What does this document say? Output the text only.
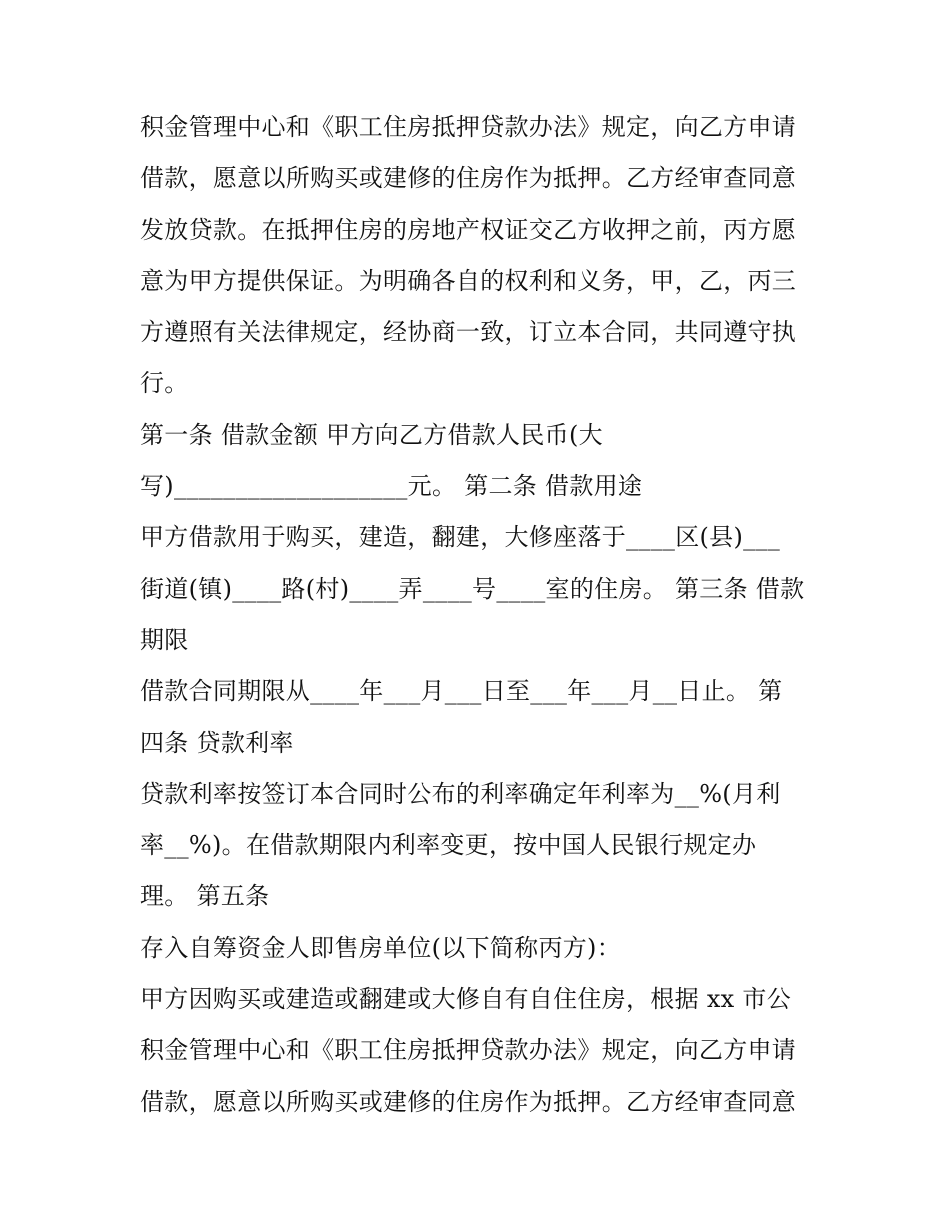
积金管理中心和《职工住房抵押贷款办法》规定，向乙方申请
借款，愿意以所购买或建修的住房作为抵押。乙方经审查同意
发放贷款。在抵押住房的房地产权证交乙方收押之前，丙方愿
意为甲方提供保证。为明确各自的权利和义务，甲，乙，丙三
方遵照有关法律规定，经协商一致，订立本合同，共同遵守执
行。
第一条 借款金额 甲方向乙方借款人民币(大
写)___________________元。 第二条 借款用途
甲方借款用于购买，建造，翻建，大修座落于____区(县)___
街道(镇)____路(村)____弄____号____室的住房。 第三条 借款
期限
借款合同期限从____年___月___日至___年___月__日止。 第
四条 贷款利率
贷款利率按签订本合同时公布的利率确定年利率为__%(月利
率__%)。在借款期限内利率变更，按中国人民银行规定办
理。 第五条
存入自筹资金人即售房单位(以下简称丙方)：
甲方因购买或建造或翻建或大修自有自住住房，根据 xx 市公
积金管理中心和《职工住房抵押贷款办法》规定，向乙方申请
借款，愿意以所购买或建修的住房作为抵押。乙方经审查同意
